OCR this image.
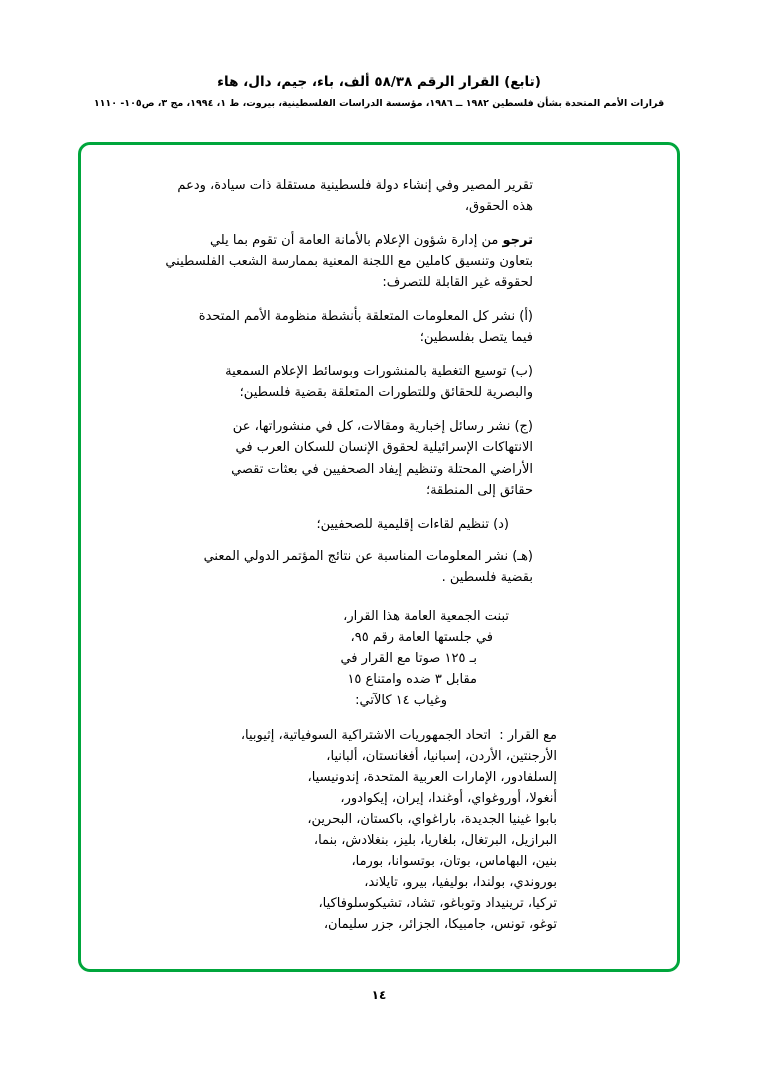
(تابع) القرار الرقم ٥٨/٣٨ ألف، باء، جيم، دال، هاء
قرارات الأمم المتحدة بشأن فلسطين ١٩٨٢ ــ ١٩٨٦، مؤسسة الدراسات الفلسطينية، بيروت، ط ١، ١٩٩٤، مج ٣، ص١٠٥- ١١١٠
تقرير المصير وفي إنشاء دولة فلسطينية مستقلة ذات سيادة، ودعم
هذه الحقوق،
ترجو من إدارة شؤون الإعلام بالأمانة العامة أن تقوم بما يلي
بتعاون وتنسيق كاملين مع اللجنة المعنية بممارسة الشعب الفلسطيني
لحقوقه غير القابلة للتصرف:
(أ) نشر كل المعلومات المتعلقة بأنشطة منظومة الأمم المتحدة
فيما يتصل بفلسطين؛
(ب) توسيع التغطية بالمنشورات وبوسائط الإعلام السمعية
والبصرية للحقائق وللتطورات المتعلقة بقضية فلسطين؛
(ج) نشر رسائل إخبارية ومقالات، كل في منشوراتها، عن
الانتهاكات الإسرائيلية لحقوق الإنسان للسكان العرب في
الأراضي المحتلة وتنظيم إيفاد الصحفيين في بعثات تقصي
حقائق إلى المنطقة؛
(د) تنظيم لقاءات إقليمية للصحفيين؛
(هـ) نشر المعلومات المناسبة عن نتائج المؤتمر الدولي المعني
بقضية فلسطين .
تبنت الجمعية العامة هذا القرار،
في جلستها العامة رقم ٩٥،
بـ ١٢٥ صوتا مع القرار في
مقابل ٣ ضده وامتناع ١٥
وغياب ١٤ كالآتي:
مع القرار :  اتحاد الجمهوريات الاشتراكية السوفياتية، إثيوبيا،
الأرجنتين، الأردن، إسبانيا، أفغانستان، ألبانيا،
إلسلفادور، الإمارات العربية المتحدة، إندونيسيا،
أنغولا، أوروغواي، أوغندا، إيران، إيكوادور،
بابوا غينيا الجديدة، باراغواي، باكستان، البحرين،
البرازيل، البرتغال، بلغاريا، بليز، بنغلادش، بنما،
بنين، البهاماس، بوتان، بوتسوانا، بورما،
بوروندي، بولندا، بوليفيا، بيرو، تايلاند،
تركيا، ترينيداد وتوباغو، تشاد، تشيكوسلوفاكيا،
توغو، تونس، جامبيكا، الجزائر، جزر سليمان،
١٤
